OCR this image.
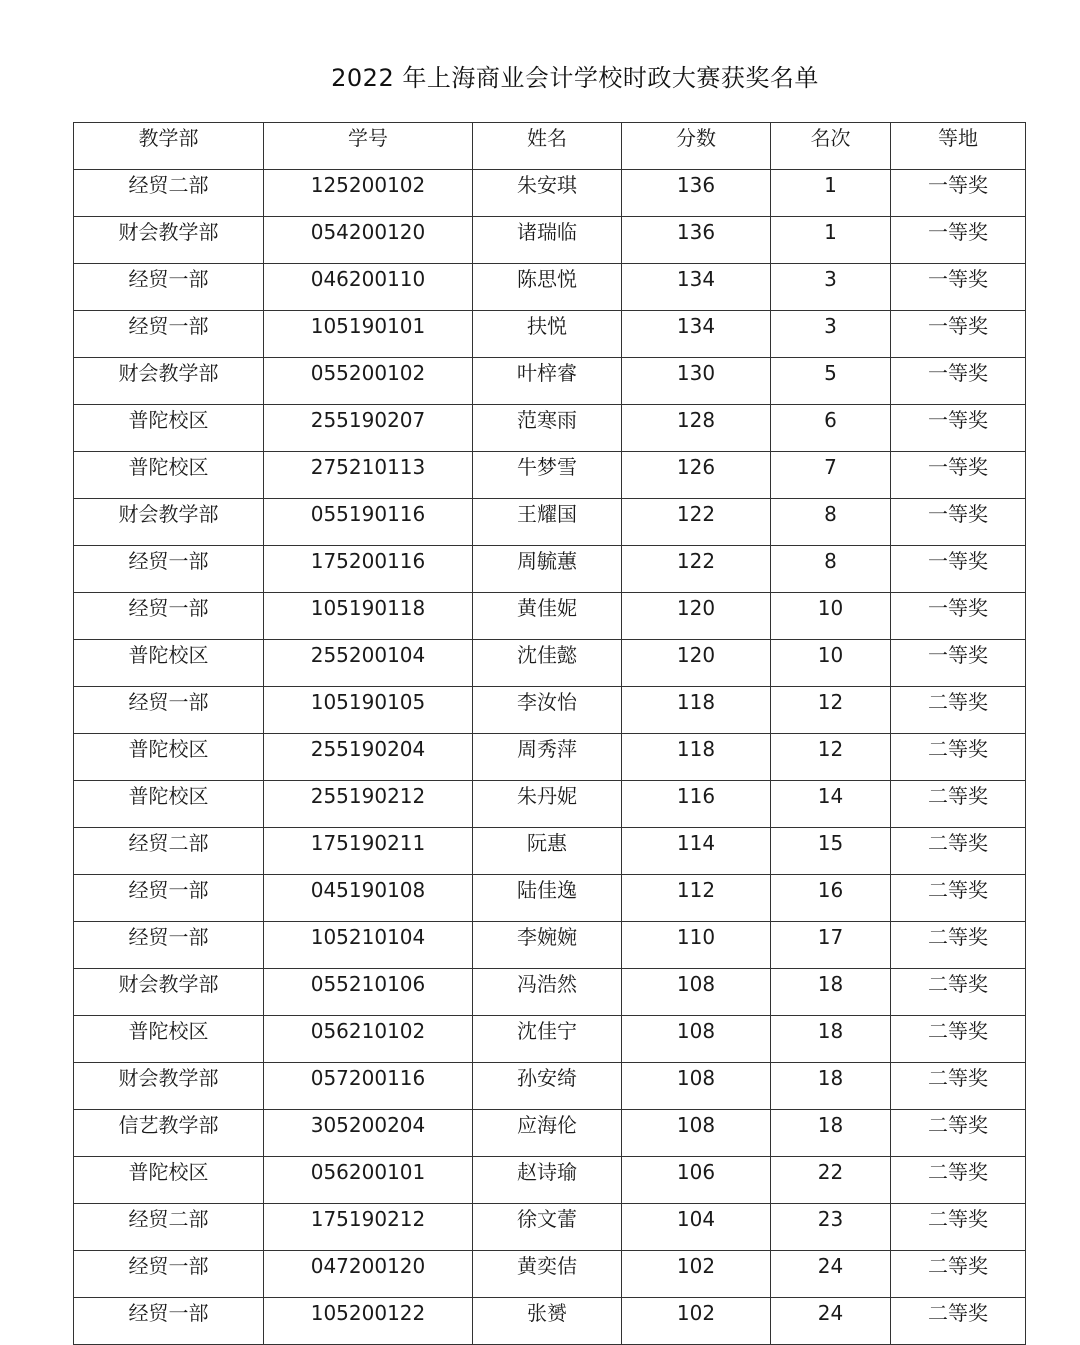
2022 年上海商业会计学校时政大赛获奖名单
教学部	学号	姓名	分数	名次	等地
经贸二部	125200102	朱安琪	136	1	一等奖
财会教学部	054200120	诸瑞临	136	1	一等奖
经贸一部	046200110	陈思悦	134	3	一等奖
经贸一部	105190101	扶悦	134	3	一等奖
财会教学部	055200102	叶梓睿	130	5	一等奖
普陀校区	255190207	范寒雨	128	6	一等奖
普陀校区	275210113	牛梦雪	126	7	一等奖
财会教学部	055190116	王耀国	122	8	一等奖
经贸一部	175200116	周毓蕙	122	8	一等奖
经贸一部	105190118	黄佳妮	120	10	一等奖
普陀校区	255200104	沈佳懿	120	10	一等奖
经贸一部	105190105	李汝怡	118	12	二等奖
普陀校区	255190204	周秀萍	118	12	二等奖
普陀校区	255190212	朱丹妮	116	14	二等奖
经贸二部	175190211	阮惠	114	15	二等奖
经贸一部	045190108	陆佳逸	112	16	二等奖
经贸一部	105210104	李婉婉	110	17	二等奖
财会教学部	055210106	冯浩然	108	18	二等奖
普陀校区	056210102	沈佳宁	108	18	二等奖
财会教学部	057200116	孙安绮	108	18	二等奖
信艺教学部	305200204	应海伦	108	18	二等奖
普陀校区	056200101	赵诗瑜	106	22	二等奖
经贸二部	175190212	徐文蕾	104	23	二等奖
经贸一部	047200120	黄奕佶	102	24	二等奖
经贸一部	105200122	张赟	102	24	二等奖
